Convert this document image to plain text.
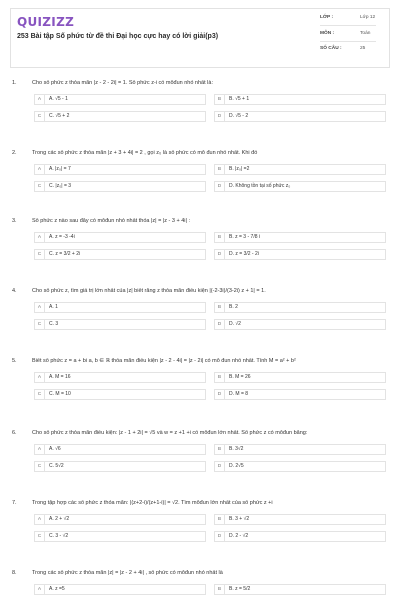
QUIZIZZ
253 Bài tập Số phức từ đề thi Đại học cực hay có lời giải(p3)
LỚP :	Lớp 12
MÔN :	Toán
SỐ CÂU :	25
1.	Cho số phức z thỏa mãn |z - 2 - 2i| = 1. Số phức z-i có môđun nhỏ nhất là:
A	A. √5 - 1	B	B. √5 + 1
C	C. √5 + 2	D	D. √5 - 2
2.	Trong các số phức z thỏa mãn |z + 3 + 4i| = 2 , gọi z₀ là số phức có mô đun nhỏ nhất. Khi đó
A	A. |z₀| = 7	B	B. |z₀| =2
C	C. |z₀| = 3	D	D. Không tồn tại số phức z₀
3.	Số phức z nào sau đây có môđun nhỏ nhất thỏa |z| = |z - 3 + 4i| :
A	A. z = -3 -4i	B	B. z = 3 - 7/8 i
C	C. z = 3/2 + 2i	D	D. z = 3/2 - 2i
4.	Cho số phức z, tìm giá trị lớn nhất của |z| biết rằng z thỏa mãn điều kiện |(-2-3i)/(3-2i) z + 1| = 1.
A	A. 1	B	B. 2
C	C. 3	D	D. √2
5.	Biết số phức z = a + bi a, b ∈ ℝ thỏa mãn điều kiện |z - 2 - 4i| = |z - 2i| có mô đun nhỏ nhất. Tính M = a² + b²
A	A. M = 16	B	B. M = 26
C	C. M = 10	D	D. M = 8
6.	Cho số phức z thỏa mãn điều kiện: |z - 1 + 2i| = √5 và w = z +1 +i có môđun lớn nhất. Số phức z có môđun bằng:
A	A. √6	B	B. 3√2
C	C. 5√2	D	D. 2√5
7.	Trong tập hợp các số phức z thỏa mãn: |(z+2-i)/(z+1-i)| = √2. Tìm môđun lớn nhất của số phức z +i
A	A. 2 + √2	B	B. 3 + √2
C	C. 3 - √2	D	D. 2 - √2
8.	Trong các số phức z thỏa mãn |z| = |z - 2 + 4i| , số phức có môđun nhỏ nhất là
A	A. z =5	B	B. z = 5/2
